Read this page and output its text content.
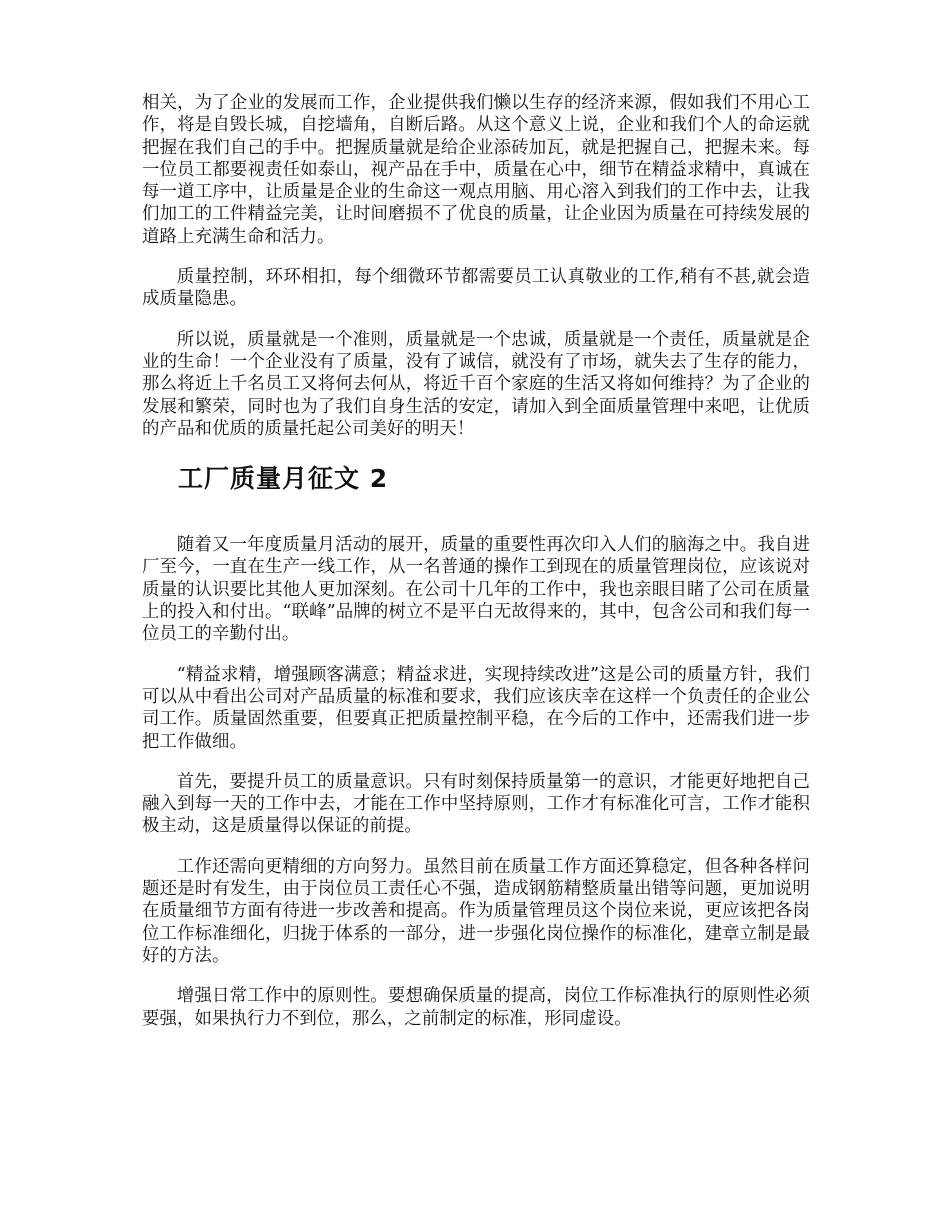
相关，为了企业的发展而工作，企业提供我们懒以生存的经济来源，假如我们不用心工作，将是自毁长城，自挖墙角，自断后路。从这个意义上说，企业和我们个人的命运就把握在我们自己的手中。把握质量就是给企业添砖加瓦，就是把握自己，把握未来。每一位员工都要视责任如泰山，视产品在手中，质量在心中，细节在精益求精中，真诚在每一道工序中，让质量是企业的生命这一观点用脑、用心溶入到我们的工作中去，让我们加工的工件精益完美，让时间磨损不了优良的质量，让企业因为质量在可持续发展的道路上充满生命和活力。

质量控制，环环相扣，每个细微环节都需要员工认真敬业的工作,稍有不甚,就会造成质量隐患。

所以说，质量就是一个准则，质量就是一个忠诚，质量就是一个责任，质量就是企业的生命！一个企业没有了质量，没有了诚信，就没有了市场，就失去了生存的能力，那么将近上千名员工又将何去何从，将近千百个家庭的生活又将如何维持？为了企业的发展和繁荣，同时也为了我们自身生活的安定，请加入到全面质量管理中来吧，让优质的产品和优质的质量托起公司美好的明天！

工厂质量月征文 2

随着又一年度质量月活动的展开，质量的重要性再次印入人们的脑海之中。我自进厂至今，一直在生产一线工作，从一名普通的操作工到现在的质量管理岗位，应该说对质量的认识要比其他人更加深刻。在公司十几年的工作中，我也亲眼目睹了公司在质量上的投入和付出。“联峰”品牌的树立不是平白无故得来的，其中，包含公司和我们每一位员工的辛勤付出。

“精益求精，增强顾客满意；精益求进，实现持续改进”这是公司的质量方针，我们可以从中看出公司对产品质量的标准和要求，我们应该庆幸在这样一个负责任的企业公司工作。质量固然重要，但要真正把质量控制平稳，在今后的工作中，还需我们进一步把工作做细。

首先，要提升员工的质量意识。只有时刻保持质量第一的意识，才能更好地把自己融入到每一天的工作中去，才能在工作中坚持原则，工作才有标准化可言，工作才能积极主动，这是质量得以保证的前提。

工作还需向更精细的方向努力。虽然目前在质量工作方面还算稳定，但各种各样问题还是时有发生，由于岗位员工责任心不强，造成钢筋精整质量出错等问题，更加说明在质量细节方面有待进一步改善和提高。作为质量管理员这个岗位来说，更应该把各岗位工作标准细化，归拢于体系的一部分，进一步强化岗位操作的标准化，建章立制是最好的方法。

增强日常工作中的原则性。要想确保质量的提高，岗位工作标准执行的原则性必须要强，如果执行力不到位，那么，之前制定的标准，形同虚设。
